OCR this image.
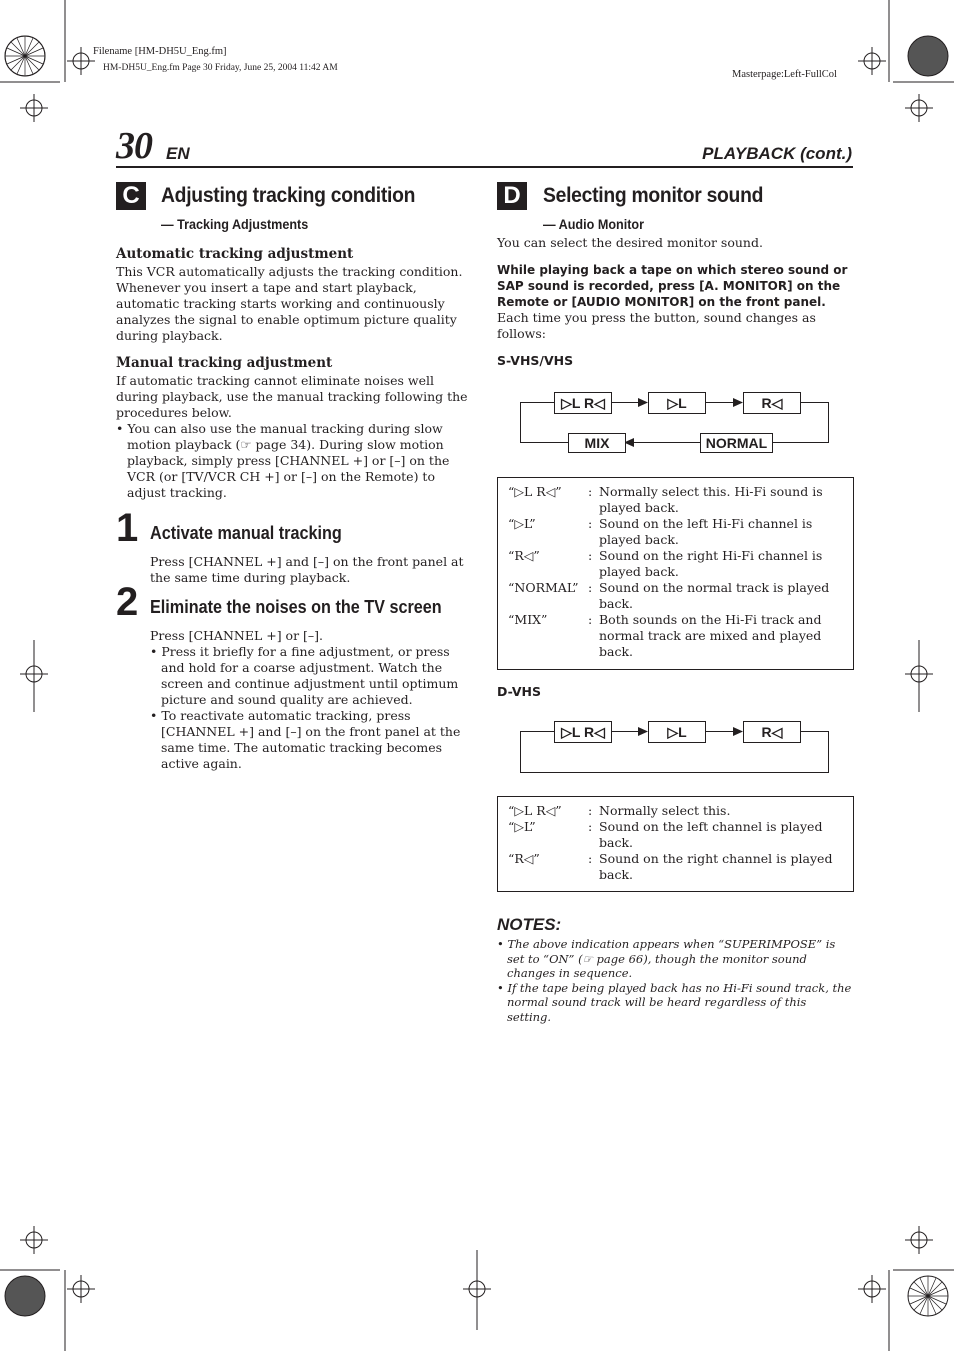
Filename [HM-DH5U_Eng.fm]
HM-DH5U_Eng.fm Page 30 Friday, June 25, 2004 11:42 AM
Masterpage:Left-FullCol
30 EN	PLAYBACK (cont.)
C	Adjusting tracking condition
— Tracking Adjustments
Automatic tracking adjustment

This VCR automatically adjusts the tracking condition. Whenever you insert a tape and start playback, automatic tracking starts working and continuously analyzes the signal to enable optimum picture quality during playback.

Manual tracking adjustment

If automatic tracking cannot eliminate noises well during playback, use the manual tracking following the procedures below.

• You can also use the manual tracking during slow motion playback (☞ page 34). During slow motion playback, simply press [CHANNEL +] or [–] on the VCR (or [TV/VCR CH +] or [–] on the Remote) to adjust tracking.

1 Activate manual tracking

Press [CHANNEL +] and [–] on the front panel at the same time during playback.

2 Eliminate the noises on the TV screen

Press [CHANNEL +] or [–].

• Press it briefly for a fine adjustment, or press and hold for a coarse adjustment. Watch the screen and continue adjustment until optimum picture and sound quality are achieved.

• To reactivate automatic tracking, press [CHANNEL +] and [–] on the front panel at the same time. The automatic tracking becomes active again.

D	Selecting monitor sound
— Audio Monitor
You can select the desired monitor sound.
While playing back a tape on which stereo sound or SAP sound is recorded, press [A. MONITOR] on the Remote or [AUDIO MONITOR] on the front panel.
Each time you press the button, sound changes as follows:
S-VHS/VHS
▷L R◁	▷L	R◁
MIX	NORMAL
“▷L R◁”	: Normally select this. Hi-Fi sound is played back.
“▷L”	: Sound on the left Hi-Fi channel is played back.
“R◁”	: Sound on the right Hi-Fi channel is played back.
“NORMAL” : Sound on the normal track is played back.
“MIX”	: Both sounds on the Hi-Fi track and normal track are mixed and played back.
D-VHS
▷L R◁	▷L	R◁
“▷L R◁”	: Normally select this.
“▷L”	: Sound on the left channel is played back.
“R◁”	: Sound on the right channel is played back.
NOTES:

• The above indication appears when “SUPERIMPOSE” is set to “ON” (☞ page 66), though the monitor sound changes in sequence.

• If the tape being played back has no Hi-Fi sound track, the normal sound track will be heard regardless of this setting.
